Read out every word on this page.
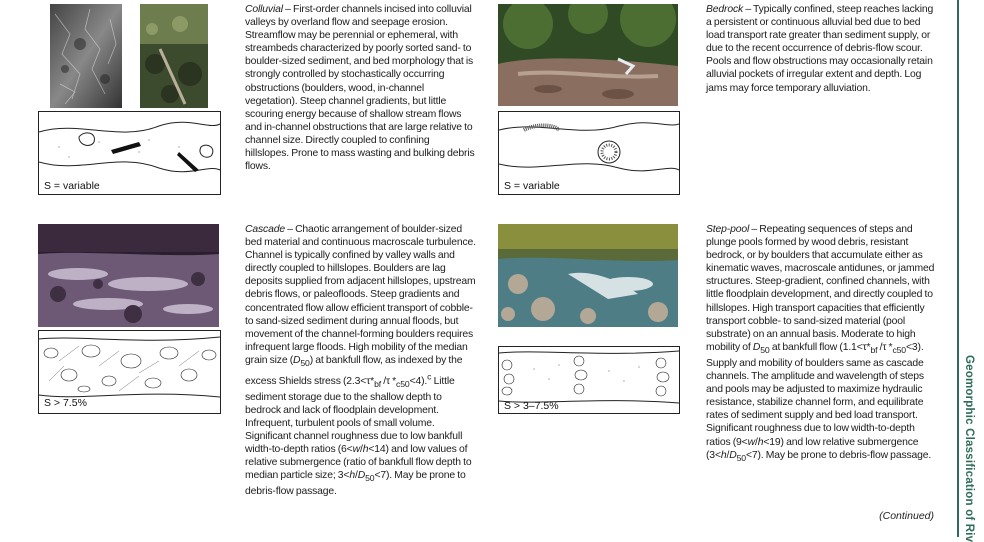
S = variable
Colluvial – First-order channels incised into colluvial valleys by overland flow and seepage erosion. Streamflow may be perennial or ephemeral, with streambeds characterized by poorly sorted sand- to boulder-sized sediment, and bed morphology that is strongly controlled by stochastically occurring obstructions (boulders, wood, in-channel vegetation). Steep channel gradients, but little scouring energy because of shallow stream flows and in-channel obstructions that are large relative to channel size. Directly coupled to confining hillslopes. Prone to mass wasting and bulking debris flows.
S = variable
Bedrock – Typically confined, steep reaches lacking a persistent or continuous alluvial bed due to bed load transport rate greater than sediment supply, or due to the recent occurrence of debris-flow scour. Pools and flow obstructions may occasionally retain alluvial pockets of irregular extent and depth. Log jams may force temporary alluviation.
S > 7.5%
Cascade – Chaotic arrangement of boulder-sized bed material and continuous macroscale turbulence. Channel is typically confined by valley walls and directly coupled to hillslopes. Boulders are lag deposits supplied from adjacent hillslopes, upstream debris flows, or paleofloods. Steep gradients and concentrated flow allow efficient transport of cobble- to sand-sized sediment during annual floods, but movement of the channel-forming boulders requires infrequent large floods. High mobility of the median grain size $(D_{50})$ at bankfull flow, as indexed by the excess Shields stress ($2.3<\tau*_{bf}$ /τ $*_{c50}<4).^c$ Little sediment storage due to the shallow depth to bedrock and lack of floodplain development. Infrequent, turbulent pools of small volume. Significant channel roughness due to low bankfull width-to-depth ratios (6<w/h<14) and low values of relative submergence (ratio of bankfull flow depth to median particle size; $3<h/D_{50}<7$). May be prone to debris-flow passage.
S > 3–7.5%
Step-pool – Repeating sequences of steps and plunge pools formed by wood debris, resistant bedrock, or by boulders that accumulate either as kinematic waves, macroscale antidunes, or jammed structures. Steep-gradient, confined channels, with little floodplain development, and directly coupled to hillslopes. High transport capacities that efficiently transport cobble- to sand-sized material (pool substrate) on an annual basis. Moderate to high mobility of $D_{50}$ at bankfull flow ($1.1<\tau*_{bf}$ /τ $*_{c50}<3$). Supply and mobility of boulders same as cascade channels. The amplitude and wavelength of steps and pools may be adjusted to maximize hydraulic resistance, stabilize channel form, and equilibrate rates of sediment supply and bed load transport. Significant roughness due to low width-to-depth ratios (9<w/h<19) and low relative submergence $(3<h/D_{50}<7)$. May be prone to debris-flow passage.
(Continued)	Geomorphic Classification of Riv
